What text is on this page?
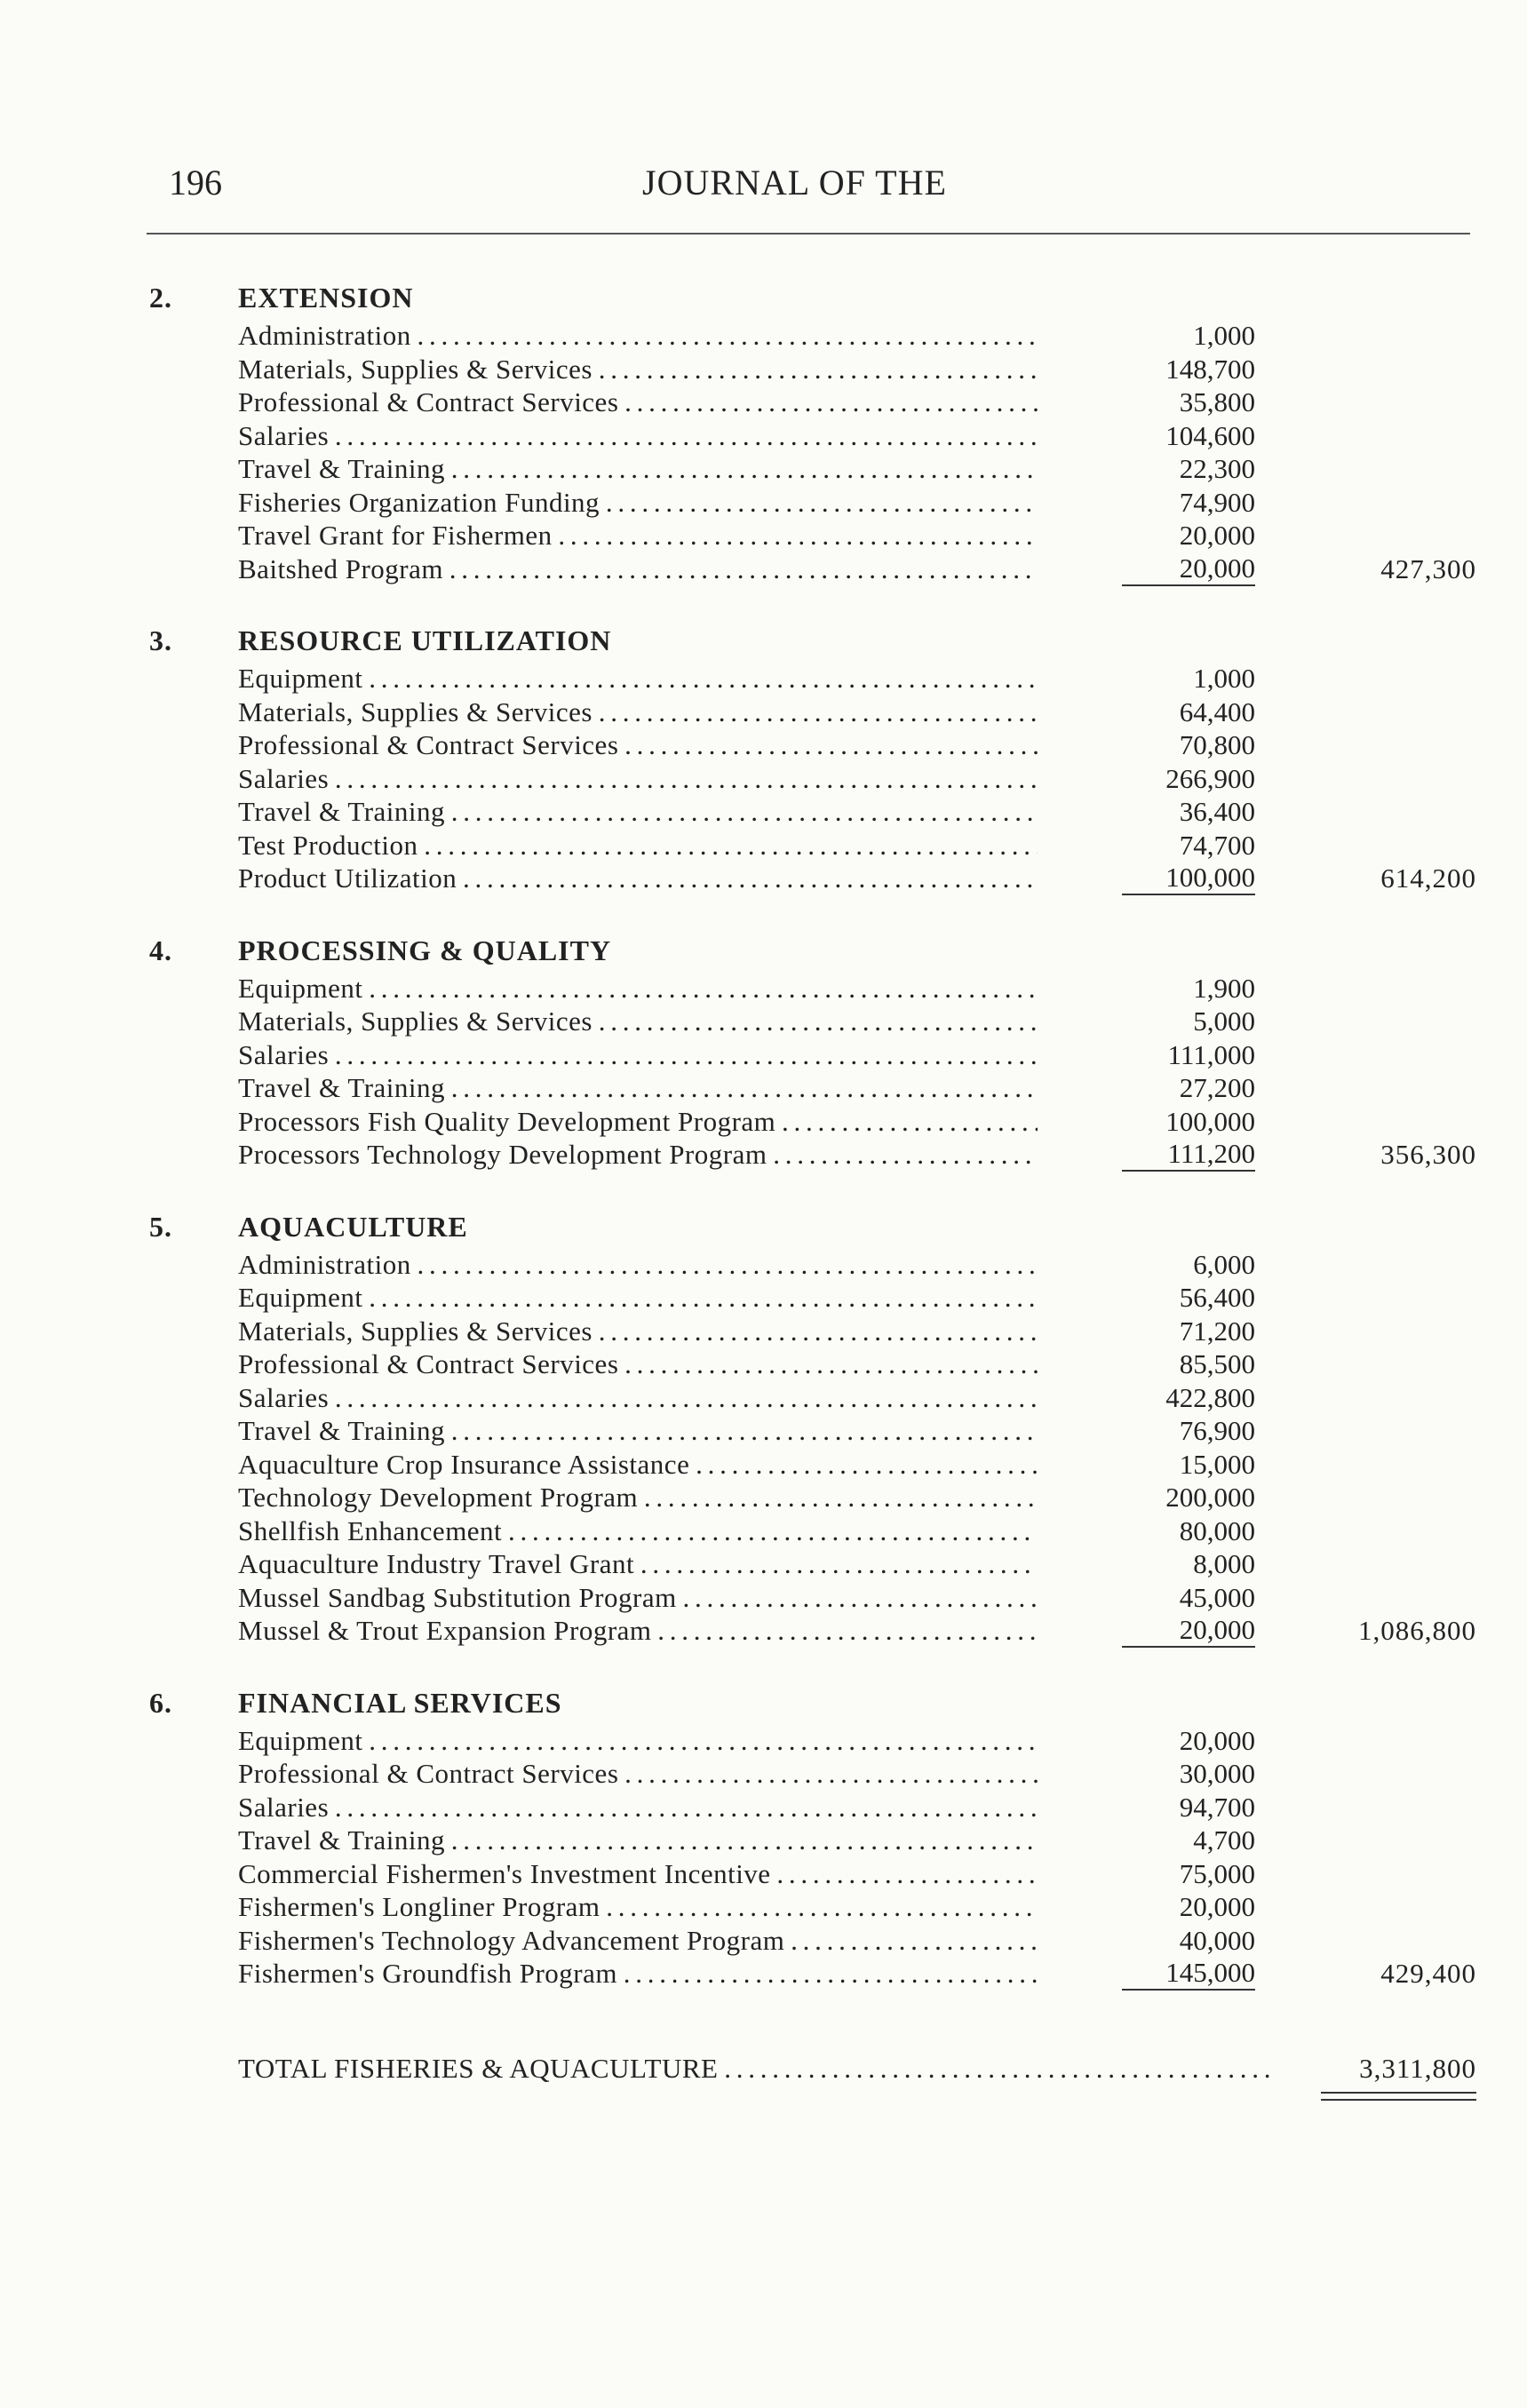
196	JOURNAL OF THE
2. EXTENSION
Administration . . .	1,000
Materials, Supplies & Services . . .	148,700
Professional & Contract Services . . .	35,800
Salaries . . .	104,600
Travel & Training . . .	22,300
Fisheries Organization Funding . . .	74,900
Travel Grant for Fishermen . . .	20,000
Baitshed Program . . .	20,000	427,300
3. RESOURCE UTILIZATION
Equipment . . .	1,000
Materials, Supplies & Services . . .	64,400
Professional & Contract Services . . .	70,800
Salaries . . .	266,900
Travel & Training . . .	36,400
Test Production . . .	74,700
Product Utilization . . .	100,000	614,200
4. PROCESSING & QUALITY
Equipment . . .	1,900
Materials, Supplies & Services . . .	5,000
Salaries . . .	111,000
Travel & Training . . .	27,200
Processors Fish Quality Development Program . . .	100,000
Processors Technology Development Program . . .	111,200	356,300
5. AQUACULTURE
Administration . . .	6,000
Equipment . . .	56,400
Materials, Supplies & Services . . .	71,200
Professional & Contract Services . . .	85,500
Salaries . . .	422,800
Travel & Training . . .	76,900
Aquaculture Crop Insurance Assistance . . .	15,000
Technology Development Program . . .	200,000
Shellfish Enhancement . . .	80,000
Aquaculture Industry Travel Grant . . .	8,000
Mussel Sandbag Substitution Program . . .	45,000
Mussel & Trout Expansion Program . . .	20,000	1,086,800
6. FINANCIAL SERVICES
Equipment . . .	20,000
Professional & Contract Services . . .	30,000
Salaries . . .	94,700
Travel & Training . . .	4,700
Commercial Fishermen's Investment Incentive . . .	75,000
Fishermen's Longliner Program . . .	20,000
Fishermen's Technology Advancement Program . . .	40,000
Fishermen's Groundfish Program . . .	145,000	429,400
TOTAL FISHERIES & AQUACULTURE . . .	3,311,800
